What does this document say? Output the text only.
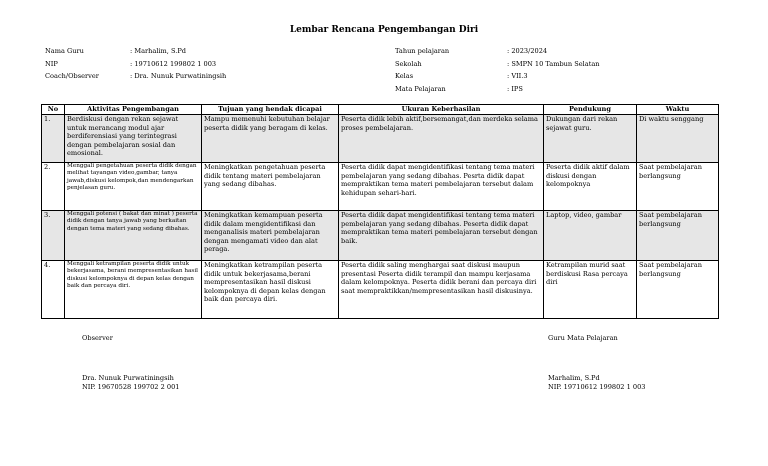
Lembar Rencana Pengembangan Diri
Nama Guru	: Marhalim, S.Pd
NIP	: 19710612 199802 1 003
Coach/Observer	: Dra. Nunuk Purwatiningsih
Tahun pelajaran	: 2023/2024
Sekolah	: SMPN 10 Tambun Selatan
Kelas	: VII.3
Mata Pelajaran	: IPS
No	Aktivitas Pengembangan	Tujuan yang hendak dicapai	Ukuran Keberhasilan	Pendukung	Waktu
1.	Berdiskusi dengan rekan sejawat untuk merancang modul ajar berdiferensiasi yang terintegrasi dengan pembelajaran sosial dan emosional.	Mampu memenuhi kebutuhan belajar peserta didik yang beragam di kelas.	Peserta didik lebih aktif,bersemangat,dan merdeka selama proses pembelajaran.	Dukungan dari rekan sejawat guru.	Di waktu senggang
2.	Menggali pengetahuan peserta didik dengan melihat tayangan video,gambar, tanya jawab,diskusi kelompok,dan mendengarkan penjelasan guru.	Meningkatkan pengetahuan peserta didik tentang materi pembelajaran yang sedang dibahas.	Peserta didik dapat mengidentifikasi tentang tema materi pembelajaran yang sedang dibahas. Pesrta didik dapat mempraktikan tema materi pembelajaran tersebut dalam kehidupan sehari-hari.	Peserta didik aktif dalam diskusi dengan kelompoknya	Saat pembelajaran berlangsung
3.	Menggali potensi ( bakat dan minat ) peserta didik dengan tanya jawab yang berkaitan dengan tema materi yang sedang dibahas.	Meningkatkan kemampuan peserta didik dalam mengidentifikasi dan menganalisis materi pembelajaran dengan mengamati video dan alat peraga.	Peserta didik dapat mengidentifikasi tentang tema materi pembelajaran yang sedang dibahas. Peserta didik dapat mempraktikan tema materi pembelajaran tersebut dengan baik.	Laptop, video, gambar	Saat pembelajaran berlangsung
4.	Menggali ketrampilan peserta didik untuk bekerjasama, berani mempresentasikan hasil diskusi kelompoknya di depan kelas dengan baik dan percaya diri.	Meningkatkan ketrampilan peserta didik untuk bekerjasama,berani mempresentasikan hasil diskusi kelompoknya di depan kelas dengan baik dan percaya diri.	Peserta didik saling menghargai saat diskusi maupun presentasi Peserta didik terampil dan mampu kerjasama dalam kelompoknya. Peserta didik berani dan percaya diri saat mempraktikkan/mempresentasikan hasil diskusinya.	Ketrampilan murid saat berdiskusi Rasa percaya diri	Saat pembelajaran berlangsung
Observer	Guru Mata Pelajaran
Dra. Nunuk Purwatiningsih
NIP. 19670528 199702 2 001
Marhalim, S.Pd
NIP. 19710612 199802 1 003
